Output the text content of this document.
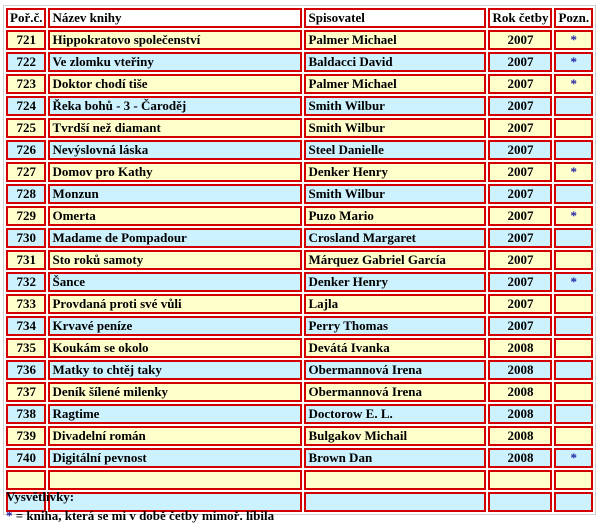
Poř.č.	Název knihy	Spisovatel	Rok četby	Pozn.
721	Hippokratovo společenství	Palmer Michael	2007	*
722	Ve zlomku vteřiny	Baldacci David	2007	*
723	Doktor chodí tiše	Palmer Michael	2007	*
724	Řeka bohů - 3 - Čaroděj	Smith Wilbur	2007	
725	Tvrdší než diamant	Smith Wilbur	2007	
726	Nevýslovná láska	Steel Danielle	2007	
727	Domov pro Kathy	Denker Henry	2007	*
728	Monzun	Smith Wilbur	2007	
729	Omerta	Puzo Mario	2007	*
730	Madame de Pompadour	Crosland Margaret	2007	
731	Sto roků samoty	Márquez Gabriel García	2007	
732	Šance	Denker Henry	2007	*
733	Provdaná proti své vůli	Lajla	2007	
734	Krvavé peníze	Perry Thomas	2007	
735	Koukám se okolo	Devátá Ivanka	2008	
736	Matky to chtěj taky	Obermannová Irena	2008	
737	Deník šílené milenky	Obermannová Irena	2008	
738	Ragtime	Doctorow E. L.	2008	
739	Divadelní román	Bulgakov Michail	2008	
740	Digitální pevnost	Brown Dan	2008	*

Vysvětlivky:
* = kniha, která se mi v době četby mimoř. líbila
